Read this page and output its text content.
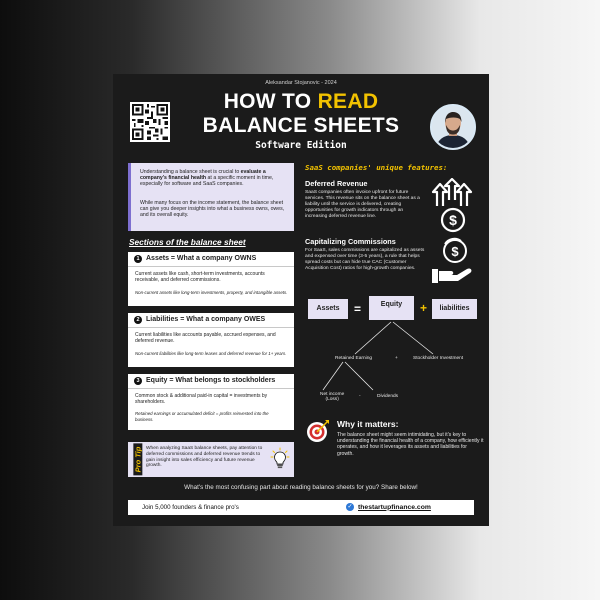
Aleksandar Stojanovic - 2024
HOW TO READ
BALANCE SHEETS
Software Edition

Understanding a balance sheet is crucial to evaluate a company's financial health at a specific moment in time, especially for software and SaaS companies.

While many focus on the income statement, the balance sheet can give you deeper insights into what a business owns, owes, and its overall equity.

Sections of the balance sheet
1 Assets = What a company OWNS

Current assets like cash, short-term investments, accounts receivable, and deferred commissions.

Non-current assets like long-term investments, property, and intangible assets.

2 Liabilities = What a company OWES

Current liabilities like accounts payable, accrued expenses, and deferred revenue.

Non-current liabilities like long-term leases and deferred revenue for 1+ years.

3 Equity = What belongs to stockholders

Common stock & additional paid-in capital = investments by shareholders.

Retained earnings or accumulated deficit = profits reinvested into the business.

Pro Tip When analyzing SaaS balance sheets, pay attention to deferred commissions and deferred revenue trends to gain insight into sales efficiency and future revenue growth.

SaaS companies' unique features:
Deferred Revenue

SaaS companies often invoice upfront for future services. This revenue sits on the balance sheet as a liability until the service is delivered, creating opportunities for growth indicators through an increasing deferred revenue line.	$
Capitalizing Commissions

For SaaS, sales commissions are capitalized as assets and expensed over time (3-5 years), a rule that helps spread costs but can hide true CAC (Customer Acquisition Cost) ratios for high-growth companies.

$
Assets	=	Equity	+	liabilities
Retained Earning	+	Stockholder Investment
Net income
(Loss)
-	Dividends
Why it matters:

The balance sheet might seem intimidating, but it's key to understanding the financial health of a company, how efficiently it operates, and how it leverages its assets and liabilities for growth.

What's the most confusing part about reading balance sheets for you? Share below!
Join 5,000 founders & finance pro's	✓ thestartupfinance.com
